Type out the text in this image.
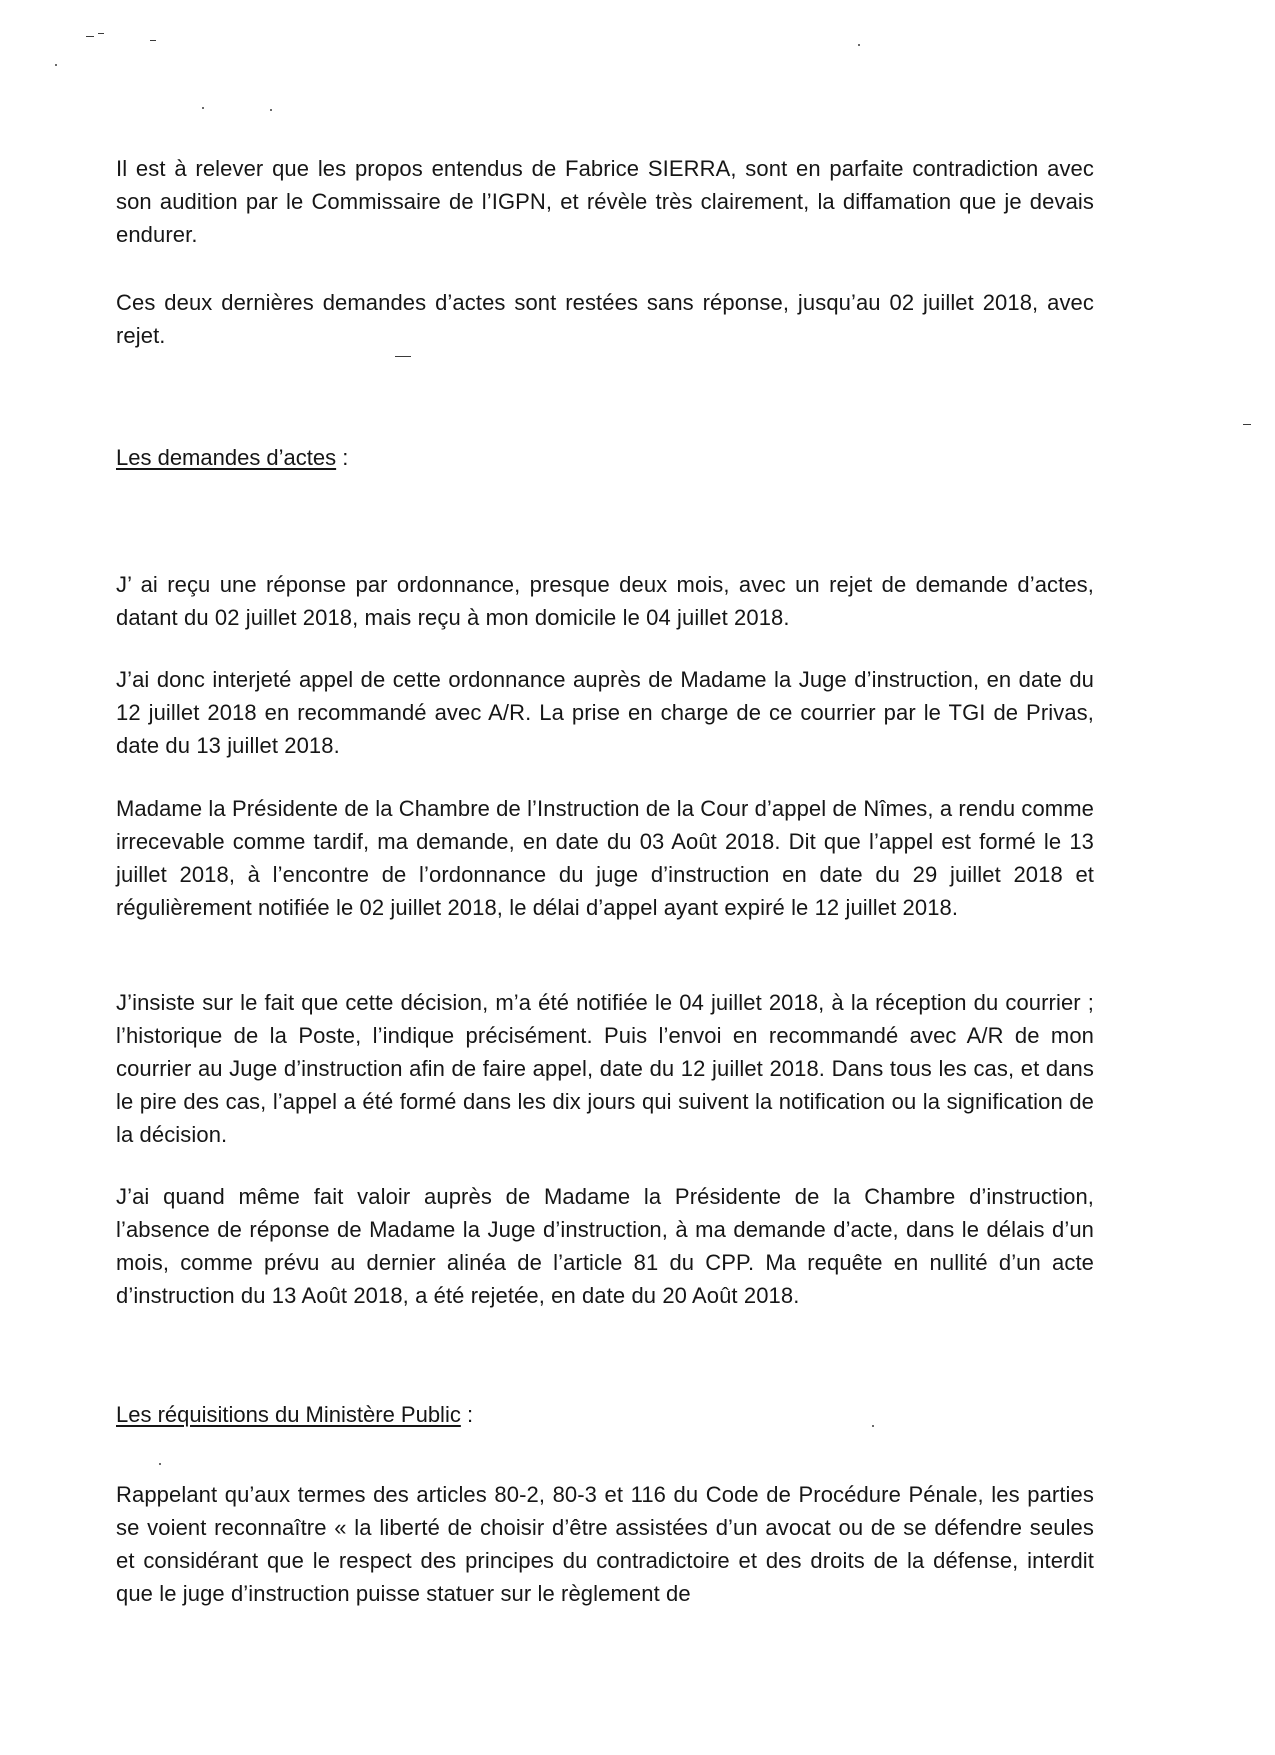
Il est à relever que les propos entendus de Fabrice SIERRA, sont en parfaite contradiction avec son audition par le Commissaire de l’IGPN, et révèle très clairement, la diffamation que je devais endurer.

Ces deux dernières demandes d’actes sont restées sans réponse, jusqu’au 02 juillet 2018, avec rejet.

Les demandes d’actes :

J’ ai reçu une réponse par ordonnance, presque deux mois, avec un rejet de demande d’actes, datant du 02 juillet 2018, mais reçu à mon domicile le 04 juillet 2018.

J’ai donc interjeté appel de cette ordonnance auprès de Madame la Juge d’instruction, en date du 12 juillet 2018 en recommandé avec A/R. La prise en charge de ce courrier par le TGI de Privas, date du 13 juillet 2018.

Madame la Présidente de la Chambre de l’Instruction de la Cour d’appel de Nîmes, a rendu comme irrecevable comme tardif, ma demande, en date du 03 Août 2018. Dit que l’appel est formé le 13 juillet 2018, à l’encontre de l’ordonnance du juge d’instruction en date du 29 juillet 2018 et régulièrement notifiée le 02 juillet 2018, le délai d’appel ayant expiré le 12 juillet 2018.

J’insiste sur le fait que cette décision, m’a été notifiée le 04 juillet 2018, à la réception du courrier ; l’historique de la Poste, l’indique précisément. Puis l’envoi en recommandé avec A/R de mon courrier au Juge d’instruction afin de faire appel, date du 12 juillet 2018. Dans tous les cas, et dans le pire des cas, l’appel a été formé dans les dix jours qui suivent la notification ou la signification de la décision.

J’ai quand même fait valoir auprès de Madame la Présidente de la Chambre d’instruction, l’absence de réponse de Madame la Juge d’instruction, à ma demande d’acte, dans le délais d’un mois, comme prévu au dernier alinéa de l’article 81 du CPP. Ma requête en nullité d’un acte d’instruction du 13 Août 2018, a été rejetée, en date du 20 Août 2018.

Les réquisitions du Ministère Public :

Rappelant qu’aux termes des articles 80-2, 80-3 et 116 du Code de Procédure Pénale, les parties se voient reconnaître « la liberté de choisir d’être assistées d’un avocat ou de se défendre seules et considérant que le respect des principes du contradictoire et des droits de la défense, interdit que le juge d’instruction puisse statuer sur le règlement de
